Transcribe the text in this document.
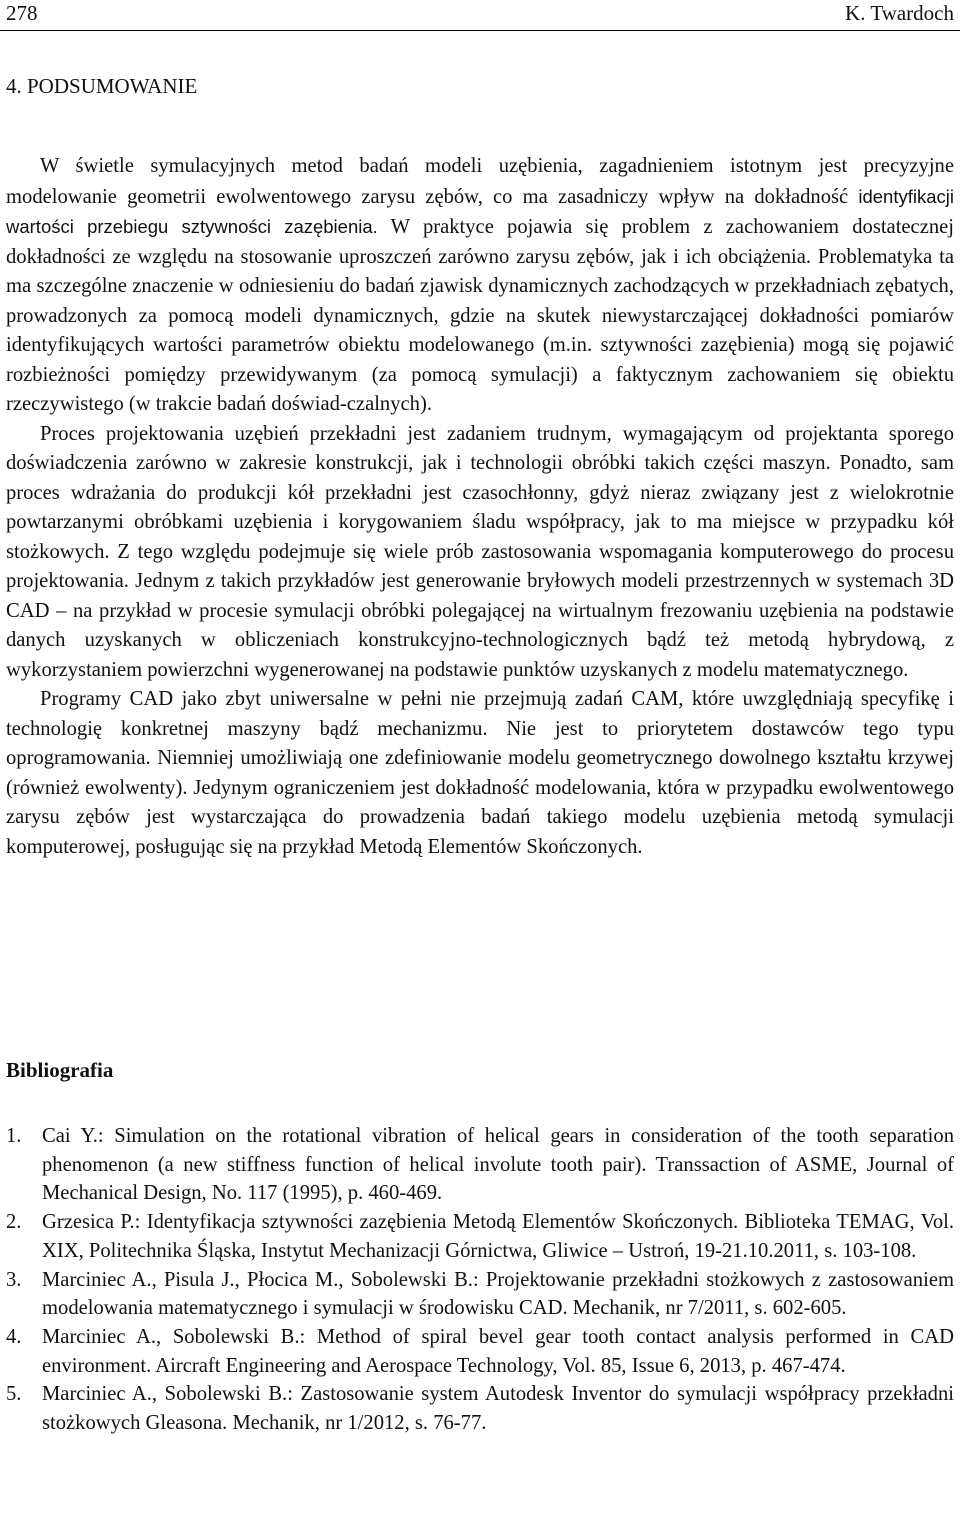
278	K. Twardoch
4. PODSUMOWANIE

W świetle symulacyjnych metod badań modeli uzębienia, zagadnieniem istotnym jest precyzyjne modelowanie geometrii ewolwentowego zarysu zębów, co ma zasadniczy wpływ na dokładność identyfikacji wartości przebiegu sztywności zazębienia. W praktyce pojawia się problem z zachowaniem dostatecznej dokładności ze względu na stosowanie uproszczeń zarówno zarysu zębów, jak i ich obciążenia. Problematyka ta ma szczególne znaczenie w odniesieniu do badań zjawisk dynamicznych zachodzących w przekładniach zębatych, prowadzonych za pomocą modeli dynamicznych, gdzie na skutek niewystarczającej dokładności pomiarów identyfikujących wartości parametrów obiektu modelowanego (m.in. sztywności zazębienia) mogą się pojawić rozbieżności pomiędzy przewidywanym (za pomocą symulacji) a faktycznym zachowaniem się obiektu rzeczywistego (w trakcie badań doświad-czalnych).

Proces projektowania uzębień przekładni jest zadaniem trudnym, wymagającym od projektanta sporego doświadczenia zarówno w zakresie konstrukcji, jak i technologii obróbki takich części maszyn. Ponadto, sam proces wdrażania do produkcji kół przekładni jest czasochłonny, gdyż nieraz związany jest z wielokrotnie powtarzanymi obróbkami uzębienia i korygowaniem śladu współpracy, jak to ma miejsce w przypadku kół stożkowych. Z tego względu podejmuje się wiele prób zastosowania wspomagania komputerowego do procesu projektowania. Jednym z takich przykładów jest generowanie bryłowych modeli przestrzennych w systemach 3D CAD – na przykład w procesie symulacji obróbki polegającej na wirtualnym frezowaniu uzębienia na podstawie danych uzyskanych w obliczeniach konstrukcyjno-technologicznych bądź też metodą hybrydową, z wykorzystaniem powierzchni wygenerowanej na podstawie punktów uzyskanych z modelu matematycznego.

Programy CAD jako zbyt uniwersalne w pełni nie przejmują zadań CAM, które uwzględniają specyfikę i technologię konkretnej maszyny bądź mechanizmu. Nie jest to priorytetem dostawców tego typu oprogramowania. Niemniej umożliwiają one zdefiniowanie modelu geometrycznego dowolnego kształtu krzywej (również ewolwenty). Jedynym ograniczeniem jest dokładność modelowania, która w przypadku ewolwentowego zarysu zębów jest wystarczająca do prowadzenia badań takiego modelu uzębienia metodą symulacji komputerowej, posługując się na przykład Metodą Elementów Skończonych.

Bibliografia
1. Cai Y.: Simulation on the rotational vibration of helical gears in consideration of the tooth separation phenomenon (a new stiffness function of helical involute tooth pair). Transsaction of ASME, Journal of Mechanical Design, No. 117 (1995), p. 460-469.
2. Grzesica P.: Identyfikacja sztywności zazębienia Metodą Elementów Skończonych. Biblioteka TEMAG, Vol. XIX, Politechnika Śląska, Instytut Mechanizacji Górnictwa, Gliwice – Ustroń, 19-21.10.2011, s. 103-108.
3. Marciniec A., Pisula J., Płocica M., Sobolewski B.: Projektowanie przekładni stożkowych z zastosowaniem modelowania matematycznego i symulacji w środowisku CAD. Mechanik, nr 7/2011, s. 602-605.
4. Marciniec A., Sobolewski B.: Method of spiral bevel gear tooth contact analysis performed in CAD environment. Aircraft Engineering and Aerospace Technology, Vol. 85, Issue 6, 2013, p. 467-474.
5. Marciniec A., Sobolewski B.: Zastosowanie system Autodesk Inventor do symulacji współpracy przekładni stożkowych Gleasona. Mechanik, nr 1/2012, s. 76-77.
